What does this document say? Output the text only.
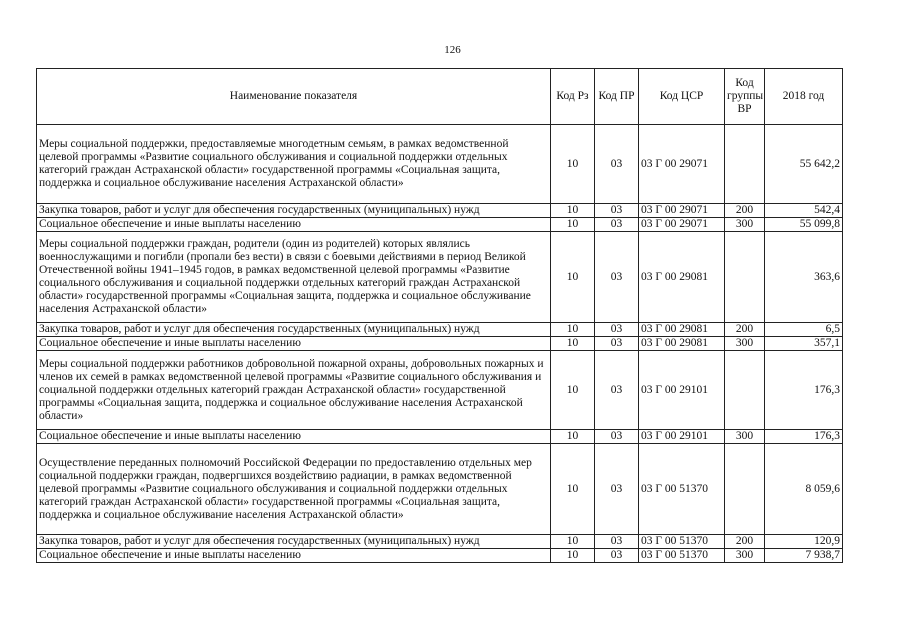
126
Наименование показателя	Код Рз	Код ПР	Код ЦСР	Код группы ВР	2018 год
Меры социальной поддержки, предоставляемые многодетным семьям, в рамках ведомственной целевой программы «Развитие социального обслуживания и социальной поддержки отдельных категорий граждан Астраханской области» государственной программы «Социальная защита, поддержка и социальное обслуживание населения Астраханской области»	10	03	03 Г 00 29071		55 642,2
Закупка товаров, работ и услуг для обеспечения государственных (муниципальных) нужд	10	03	03 Г 00 29071	200	542,4
Социальное обеспечение и иные выплаты населению	10	03	03 Г 00 29071	300	55 099,8
Меры социальной поддержки граждан, родители (один из родителей) которых являлись военнослужащими и погибли (пропали без вести) в связи с боевыми действиями в период Великой Отечественной войны 1941–1945 годов, в рамках ведомственной целевой программы «Развитие социального обслуживания и социальной поддержки отдельных категорий граждан Астраханской области» государственной программы «Социальная защита, поддержка и социальное обслуживание населения Астраханской области»	10	03	03 Г 00 29081		363,6
Закупка товаров, работ и услуг для обеспечения государственных (муниципальных) нужд	10	03	03 Г 00 29081	200	6,5
Социальное обеспечение и иные выплаты населению	10	03	03 Г 00 29081	300	357,1
Меры социальной поддержки работников добровольной пожарной охраны, добровольных пожарных и членов их семей в рамках ведомственной целевой программы «Развитие социального обслуживания и социальной поддержки отдельных категорий граждан Астраханской области» государственной программы «Социальная защита, поддержка и социальное обслуживание населения Астраханской области»	10	03	03 Г 00 29101		176,3
Социальное обеспечение и иные выплаты населению	10	03	03 Г 00 29101	300	176,3
Осуществление переданных полномочий Российской Федерации по предоставлению отдельных мер социальной поддержки граждан, подвергшихся воздействию радиации, в рамках ведомственной целевой программы «Развитие социального обслуживания и социальной поддержки отдельных категорий граждан Астраханской области» государственной программы «Социальная защита, поддержка и социальное обслуживание населения Астраханской области»	10	03	03 Г 00 51370		8 059,6
Закупка товаров, работ и услуг для обеспечения государственных (муниципальных) нужд	10	03	03 Г 00 51370	200	120,9
Социальное обеспечение и иные выплаты населению	10	03	03 Г 00 51370	300	7 938,7
